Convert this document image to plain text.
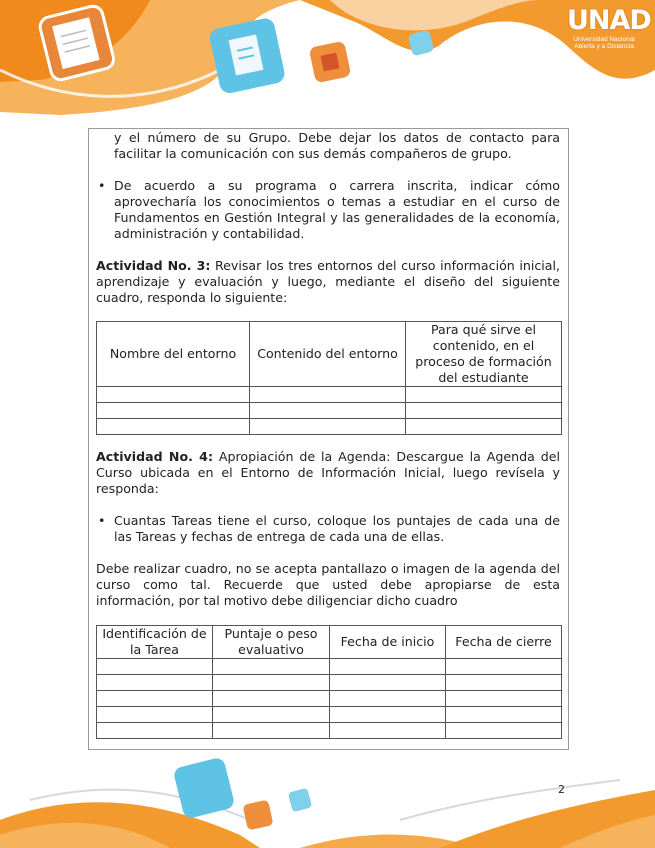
UNAD
Universidad Nacional
Abierta y a Distancia

y el número de su Grupo. Debe dejar los datos de contacto para facilitar la comunicación con sus demás compañeros de grupo.

• De acuerdo a su programa o carrera inscrita, indicar cómo aprovecharía los conocimientos o temas a estudiar en el curso de Fundamentos en Gestión Integral y las generalidades de la economía, administración y contabilidad.

Actividad No. 3: Revisar los tres entornos del curso información inicial, aprendizaje y evaluación y luego, mediante el diseño del siguiente cuadro, responda lo siguiente:

Nombre del entorno	Contenido del entorno	Para qué sirve el contenido, en el proceso de formación del estudiante

Actividad No. 4: Apropiación de la Agenda: Descargue la Agenda del Curso ubicada en el Entorno de Información Inicial, luego revísela y responda:

• Cuantas Tareas tiene el curso, coloque los puntajes de cada una de las Tareas y fechas de entrega de cada una de ellas.

Debe realizar cuadro, no se acepta pantallazo o imagen de la agenda del curso como tal. Recuerde que usted debe apropiarse de esta información, por tal motivo debe diligenciar dicho cuadro

Identificación de la Tarea	Puntaje o peso evaluativo	Fecha de inicio	Fecha de cierre

2
